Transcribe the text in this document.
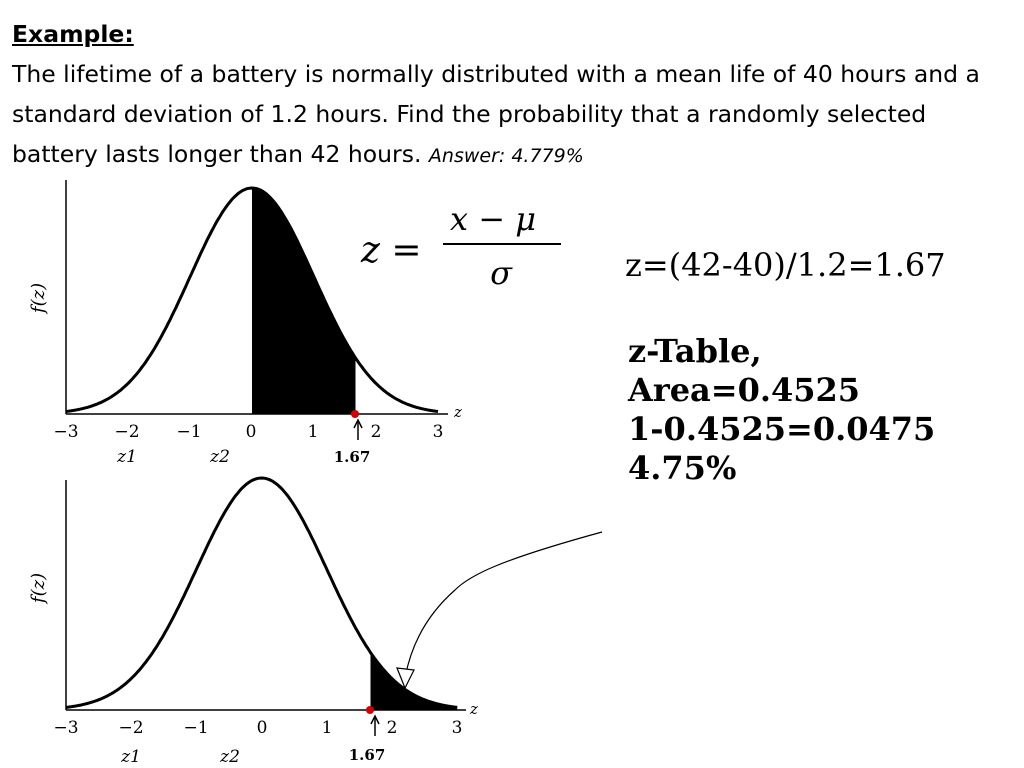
Example:
The lifetime of a battery is normally distributed with a mean life of 40 hours and a standard deviation of 1.2 hours. Find the probability that a randomly selected battery lasts longer than 42 hours. Answer: 4.779%
z =
x − μ
σ	z=(42-40)/1.2=1.67
z-Table,
Area=0.4525
1-0.4525=0.0475
4.75%
f(z)
z
−3 −2 −1	0	1	2	3
z1	z2	1.67
f(z)
z
−3 −2 −1	0	1	2	3
z1	z2	1.67
